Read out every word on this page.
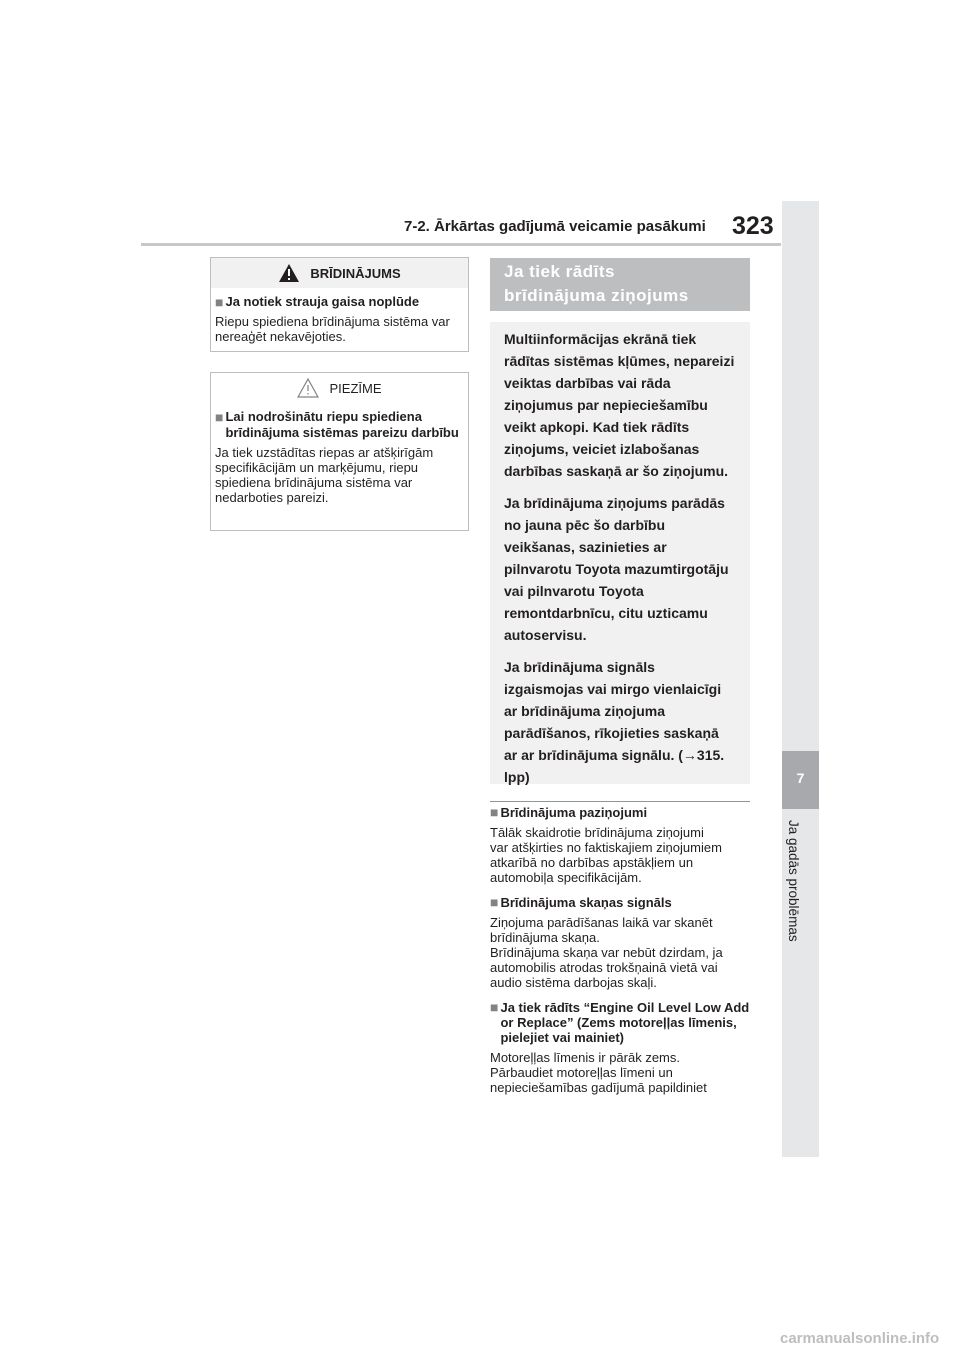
7-2. Ārkārtas gadījumā veicamie pasākumi 323
7
Ja gadās problēmas
BRĪDINĀJUMS
■ Ja notiek strauja gaisa noplūde
Riepu spiediena brīdinājuma sistēma var nereaģēt nekavējoties.
PIEZĪME
■ Lai nodrošinātu riepu spiediena brīdinājuma sistēmas pareizu darbību
Ja tiek uzstādītas riepas ar atšķirīgām specifikācijām un marķējumu, riepu spiediena brīdinājuma sistēma var nedarboties pareizi.
Ja tiek rādīts
brīdinājuma ziņojums

Multiinformācijas ekrānā tiek
rādītas sistēmas kļūmes, nepareizi
veiktas darbības vai rāda
ziņojumus par nepieciešamību
veikt apkopi. Kad tiek rādīts
ziņojums, veiciet izlabošanas
darbības saskaņā ar šo ziņojumu.

Ja brīdinājuma ziņojums parādās
no jauna pēc šo darbību
veikšanas, sazinieties ar
pilnvarotu Toyota mazumtirgotāju
vai pilnvarotu Toyota
remontdarbnīcu, citu uzticamu
autoservisu.

Ja brīdinājuma signāls
izgaismojas vai mirgo vienlaicīgi
ar brīdinājuma ziņojuma
parādīšanos, rīkojieties saskaņā
ar ar brīdinājuma signālu. (→315.
lpp)

■ Brīdinājuma paziņojumi
Tālāk skaidrotie brīdinājuma ziņojumi
var atšķirties no faktiskajiem ziņojumiem
atkarībā no darbības apstākļiem un
automobiļa specifikācijām.
■ Brīdinājuma skaņas signāls
Ziņojuma parādīšanas laikā var skanēt
brīdinājuma skaņa.
Brīdinājuma skaņa var nebūt dzirdam, ja
automobilis atrodas trokšņainā vietā vai
audio sistēma darbojas skaļi.
■ Ja tiek rādīts “Engine Oil Level Low Add or Replace” (Zems motoreļļas līmenis, pielejiet vai mainiet)
Motoreļļas līmenis ir pārāk zems.
Pārbaudiet motoreļļas līmeni un
nepieciešamības gadījumā papildiniet
carmanualsonline.info
